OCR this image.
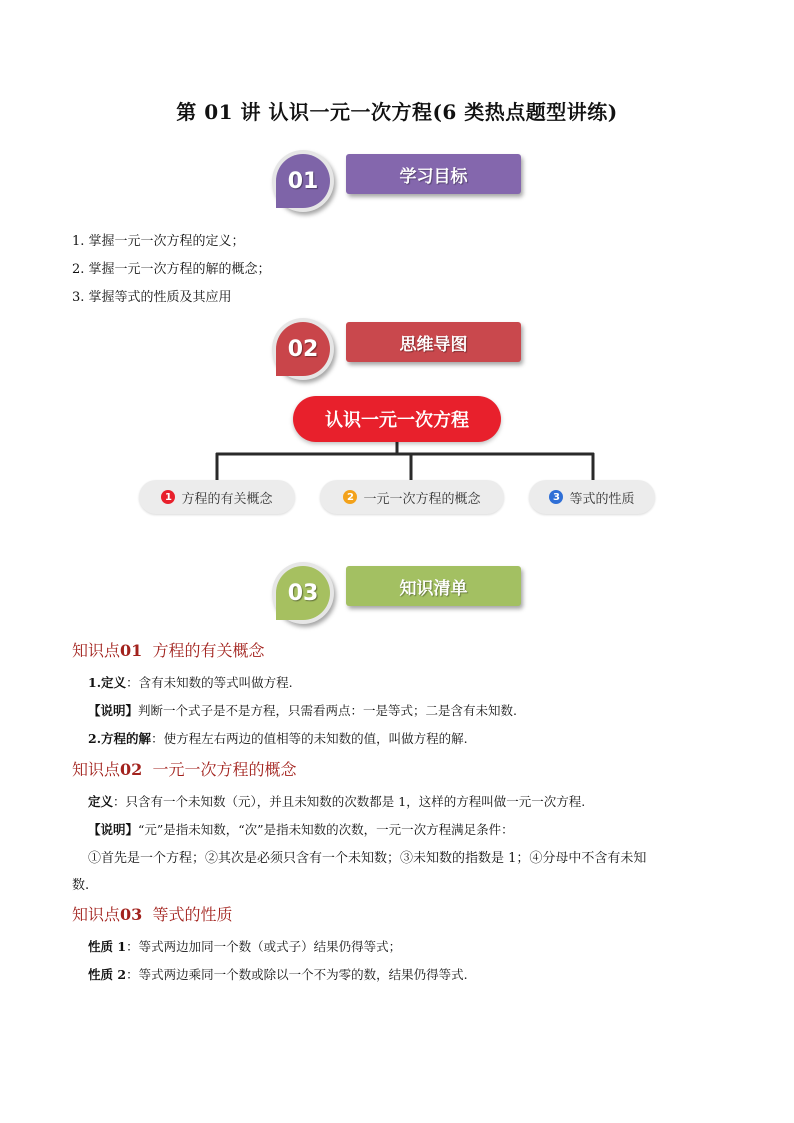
第 01 讲 认识一元一次方程(6 类热点题型讲练)
01	学习目标
1. 掌握一元一次方程的定义；
2. 掌握一元一次方程的解的概念；
3. 掌握等式的性质及其应用
02	思维导图
认识一元一次方程
1 方程的有关概念	2 一元一次方程的概念	3 等式的性质
03	知识清单
知识点01 方程的有关概念
1.定义：含有未知数的等式叫做方程.
【说明】判断一个式子是不是方程，只需看两点：一是等式；二是含有未知数.
2.方程的解：使方程左右两边的值相等的未知数的值，叫做方程的解.
知识点02 一元一次方程的概念
定义：只含有一个未知数（元），并且未知数的次数都是 1，这样的方程叫做一元一次方程.
【说明】“元”是指未知数，“次”是指未知数的次数，一元一次方程满足条件：
①首先是一个方程；②其次是必须只含有一个未知数；③未知数的指数是 1；④分母中不含有未知
数.
知识点03 等式的性质
性质 1：等式两边加同一个数（或式子）结果仍得等式；
性质 2：等式两边乘同一个数或除以一个不为零的数，结果仍得等式.
